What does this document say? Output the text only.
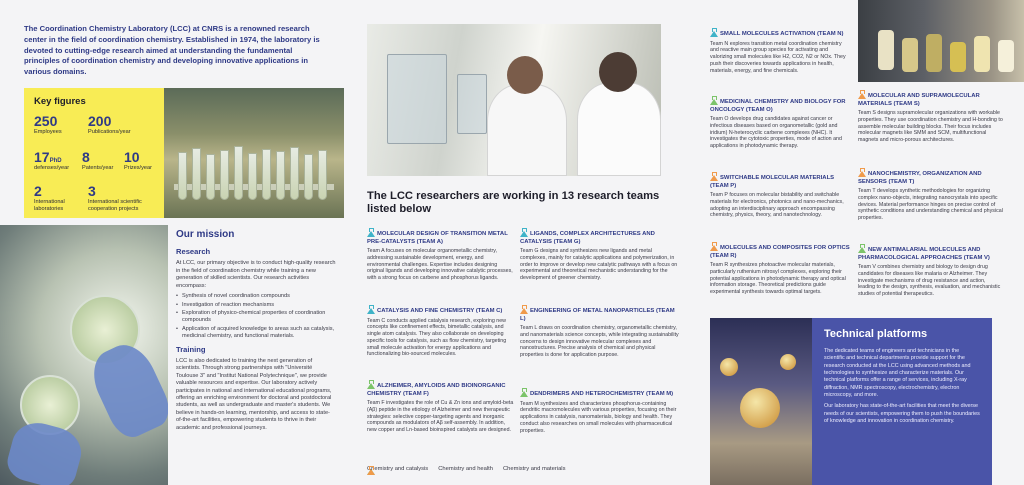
The Coordination Chemistry Laboratory (LCC) at CNRS is a renowned research center in the field of coordination chemistry. Established in 1974, the laboratory is devoted to cutting-edge research aimed at understanding the fundamental principles of coordination chemistry and developing innovative applications in various domains.

Key figures
250
Employees
200
Publications/year
17PhD
defenses/year
8
Patents/year
10
Prizes/year
2
International laboratories
3
International scientific cooperation projects
Our mission
Research

At LCC, our primary objective is to conduct high-quality research in the field of coordination chemistry while training a new generation of skilled scientists. Our research activities encompass:

• Synthesis of novel coordination compounds
• Investigation of reaction mechanisms
• Exploration of physico-chemical properties of coordination compounds
• Application of acquired knowledge to areas such as catalysis, medicinal chemistry, and functional materials.
Training

LCC is also dedicated to training the next generation of scientists. Through strong partnerships with "Université Toulouse 3" and "Institut National Polytechnique", we provide valuable resources and expertise. Our laboratory actively participates in national and international educational programs, offering an enriching environment for doctoral and postdoctoral students, as well as undergraduate and master's students. We believe in hands-on learning, mentorship, and access to state-of-the-art facilities, empowering students to thrive in their academic and professional journeys.

The LCC researchers are working in 13 research teams listed below
MOLECULAR DESIGN OF TRANSITION METAL PRE-CATALYSTS (TEAM A)
Team A focuses on molecular organometallic chemistry, addressing sustainable development, energy, and environmental challenges. Expertise includes designing original ligands and developing innovative catalytic processes, with a strong focus on carbene and phosphorus ligands.
LIGANDS, COMPLEX ARCHITECTURES AND CATALYSIS (TEAM G)
Team G designs and synthesizes new ligands and metal complexes, mainly for catalytic applications and polymerization, in order to improve or develop new catalytic pathways with a focus on experimental and theoretical mechanistic understanding for the development of greener chemistry.
CATALYSIS AND FINE CHEMISTRY (TEAM C)
Team C conducts applied catalysis research, exploring new concepts like confinement effects, bimetallic catalysis, and single atom catalysis. They also collaborate on developing specific tools for catalysis, such as flow chemistry, targeting small molecule activation for energy applications and functionalizing bio-sourced molecules.
ENGINEERING OF METAL NANOPARTICLES (TEAM L)
Team L draws on coordination chemistry, organometallic chemistry, and nanomaterials science concepts, while integrating sustainability concerns to design innovative molecular complexes and nanostructures. Precise analysis of chemical and physical properties is done for application purpose.
ALZHEIMER, AMYLOIDS AND BIOINORGANIC CHEMISTRY (TEAM F)
Team F investigates the role of Cu & Zn ions and amyloid-beta (Aβ) peptide in the etiology of Alzheimer and new therapeutic strategies: selective copper-targeting agents and inorganic compounds as modulators of Aβ self-assembly. In addition, new copper and Ln-based bioinspired catalysts are designed.
DENDRIMERS AND HETEROCHEMISTRY (TEAM M)
Team M synthesizes and characterizes phosphorus-containing dendritic macromolecules with various properties, focusing on their applications in catalysis, nanomaterials, biology and health. They conduct also researches on small molecules with pharmaceutical properties.
Chemistry and catalysis Chemistry and health Chemistry and materials
SMALL MOLECULES ACTIVATION (TEAM N)
Team N explores transition metal coordination chemistry and reactive main group species for activating and valorizing small molecules like H2, CO2, N2 or NOx. They push their discoveries towards applications in health, materials, energy, and fine chemicals.
MEDICINAL CHEMISTRY AND BIOLOGY FOR ONCOLOGY (TEAM O)
Team O develops drug candidates against cancer or infectious diseases based on organometallic (gold and iridium) N-heterocyclic carbene complexes (NHC). It investigates the cytotoxic properties, mode of action and applications in photodynamic therapy.
SWITCHABLE MOLECULAR MATERIALS (TEAM P)
Team P focuses on molecular bistability and switchable materials for electronics, photonics and nano-mechanics, adopting an interdisciplinary approach encompassing chemistry, physics, theory, and nanotechnology.
MOLECULES AND COMPOSITES FOR OPTICS (TEAM R)
Team R synthesizes photoactive molecular materials, particularly ruthenium nitrosyl complexes, exploring their potential applications in photodynamic therapy and optical information storage. Theoretical predictions guide experimental synthesis towards optimal targets.
MOLECULAR AND SUPRAMOLECULAR MATERIALS (TEAM S)
Team S designs supramolecular organizations with workable properties. They use coordination chemistry and H-bonding to assemble molecular building blocks. Their focus includes molecular magnets like SMM and SCM, multifunctional magnets and micro-porous architectures.
NANOCHEMISTRY, ORGANIZATION AND SENSORS (TEAM T)
Team T develops synthetic methodologies for organizing complex nano-objects, integrating nanocrystals into specific devices. Material performance hinges on precise control of synthetic conditions and understanding chemical and physical properties.
NEW ANTIMALARIAL MOLECULES AND PHARMACOLOGICAL APPROACHES (TEAM V)
Team V combines chemistry and biology to design drug candidates for diseases like malaria or Alzheimer. They investigate mechanisms of drug resistance and action, leading to the design, synthesis, evaluation, and mechanistic studies of potential therapeutics.
Technical platforms

The dedicated teams of engineers and technicians in the scientific and technical departments provide support for the research conducted at the LCC using advanced methods and technologies to synthesize and characterize materials. Our technical platforms offer a range of services, including X-ray diffraction, NMR spectroscopy, electrochemistry, electron microscopy, and more.

Our laboratory has state-of-the-art facilities that meet the diverse needs of our scientists, empowering them to push the boundaries of knowledge and innovation in coordination chemistry.
